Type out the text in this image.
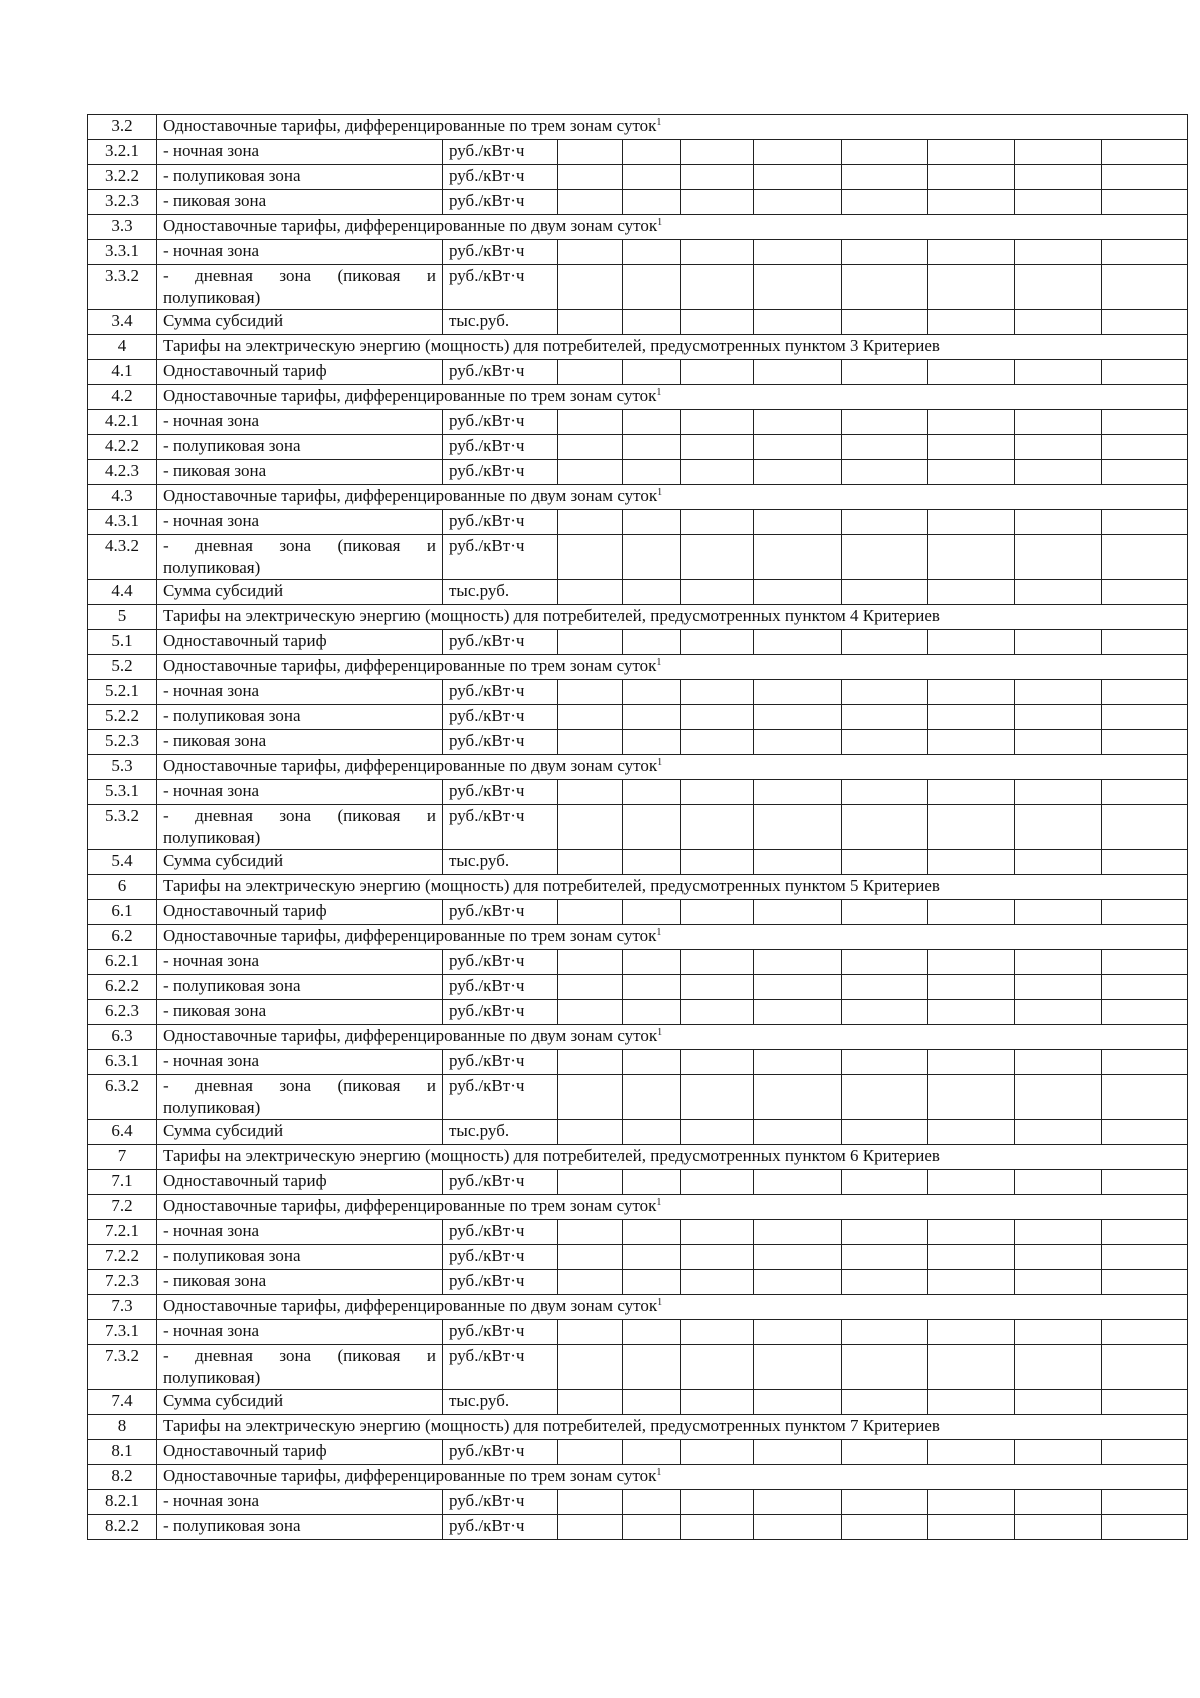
3.2	Одноставочные тарифы, дифференцированные по трем зонам суток$^1$
3.2.1	- ночная зона	руб./кВт·ч								
3.2.2	- полупиковая зона	руб./кВт·ч								
3.2.3	- пиковая зона	руб./кВт·ч								
3.3	Одноставочные тарифы, дифференцированные по двум зонам суток$^1$
3.3.1	- ночная зона	руб./кВт·ч								
3.3.2	- дневная зона (пиковая и полупиковая)	руб./кВт·ч								
3.4	Сумма субсидий	тыс.руб.								
4	Тарифы на электрическую энергию (мощность) для потребителей, предусмотренных пунктом 3 Критериев									
4.1	Одноставочный тариф	руб./кВт·ч								
4.2	Одноставочные тарифы, дифференцированные по трем зонам суток$^1$
4.2.1	- ночная зона	руб./кВт·ч								
4.2.2	- полупиковая зона	руб./кВт·ч								
4.2.3	- пиковая зона	руб./кВт·ч								
4.3	Одноставочные тарифы, дифференцированные по двум зонам суток$^1$
4.3.1	- ночная зона	руб./кВт·ч								
4.3.2	- дневная зона (пиковая и полупиковая)	руб./кВт·ч								
4.4	Сумма субсидий	тыс.руб.								
5	Тарифы на электрическую энергию (мощность) для потребителей, предусмотренных пунктом 4 Критериев									
5.1	Одноставочный тариф	руб./кВт·ч								
5.2	Одноставочные тарифы, дифференцированные по трем зонам суток$^1$
5.2.1	- ночная зона	руб./кВт·ч								
5.2.2	- полупиковая зона	руб./кВт·ч								
5.2.3	- пиковая зона	руб./кВт·ч								
5.3	Одноставочные тарифы, дифференцированные по двум зонам суток$^1$
5.3.1	- ночная зона	руб./кВт·ч								
5.3.2	- дневная зона (пиковая и полупиковая)	руб./кВт·ч								
5.4	Сумма субсидий	тыс.руб.								
6	Тарифы на электрическую энергию (мощность) для потребителей, предусмотренных пунктом 5 Критериев									
6.1	Одноставочный тариф	руб./кВт·ч								
6.2	Одноставочные тарифы, дифференцированные по трем зонам суток$^1$
6.2.1	- ночная зона	руб./кВт·ч								
6.2.2	- полупиковая зона	руб./кВт·ч								
6.2.3	- пиковая зона	руб./кВт·ч								
6.3	Одноставочные тарифы, дифференцированные по двум зонам суток$^1$
6.3.1	- ночная зона	руб./кВт·ч								
6.3.2	- дневная зона (пиковая и полупиковая)	руб./кВт·ч								
6.4	Сумма субсидий	тыс.руб.								
7	Тарифы на электрическую энергию (мощность) для потребителей, предусмотренных пунктом 6 Критериев									
7.1	Одноставочный тариф	руб./кВт·ч								
7.2	Одноставочные тарифы, дифференцированные по трем зонам суток$^1$
7.2.1	- ночная зона	руб./кВт·ч								
7.2.2	- полупиковая зона	руб./кВт·ч								
7.2.3	- пиковая зона	руб./кВт·ч								
7.3	Одноставочные тарифы, дифференцированные по двум зонам суток$^1$
7.3.1	- ночная зона	руб./кВт·ч								
7.3.2	- дневная зона (пиковая и полупиковая)	руб./кВт·ч								
7.4	Сумма субсидий	тыс.руб.								
8	Тарифы на электрическую энергию (мощность) для потребителей, предусмотренных пунктом 7 Критериев									
8.1	Одноставочный тариф	руб./кВт·ч								
8.2	Одноставочные тарифы, дифференцированные по трем зонам суток$^1$
8.2.1	- ночная зона	руб./кВт·ч								
8.2.2	- полупиковая зона	руб./кВт·ч								
